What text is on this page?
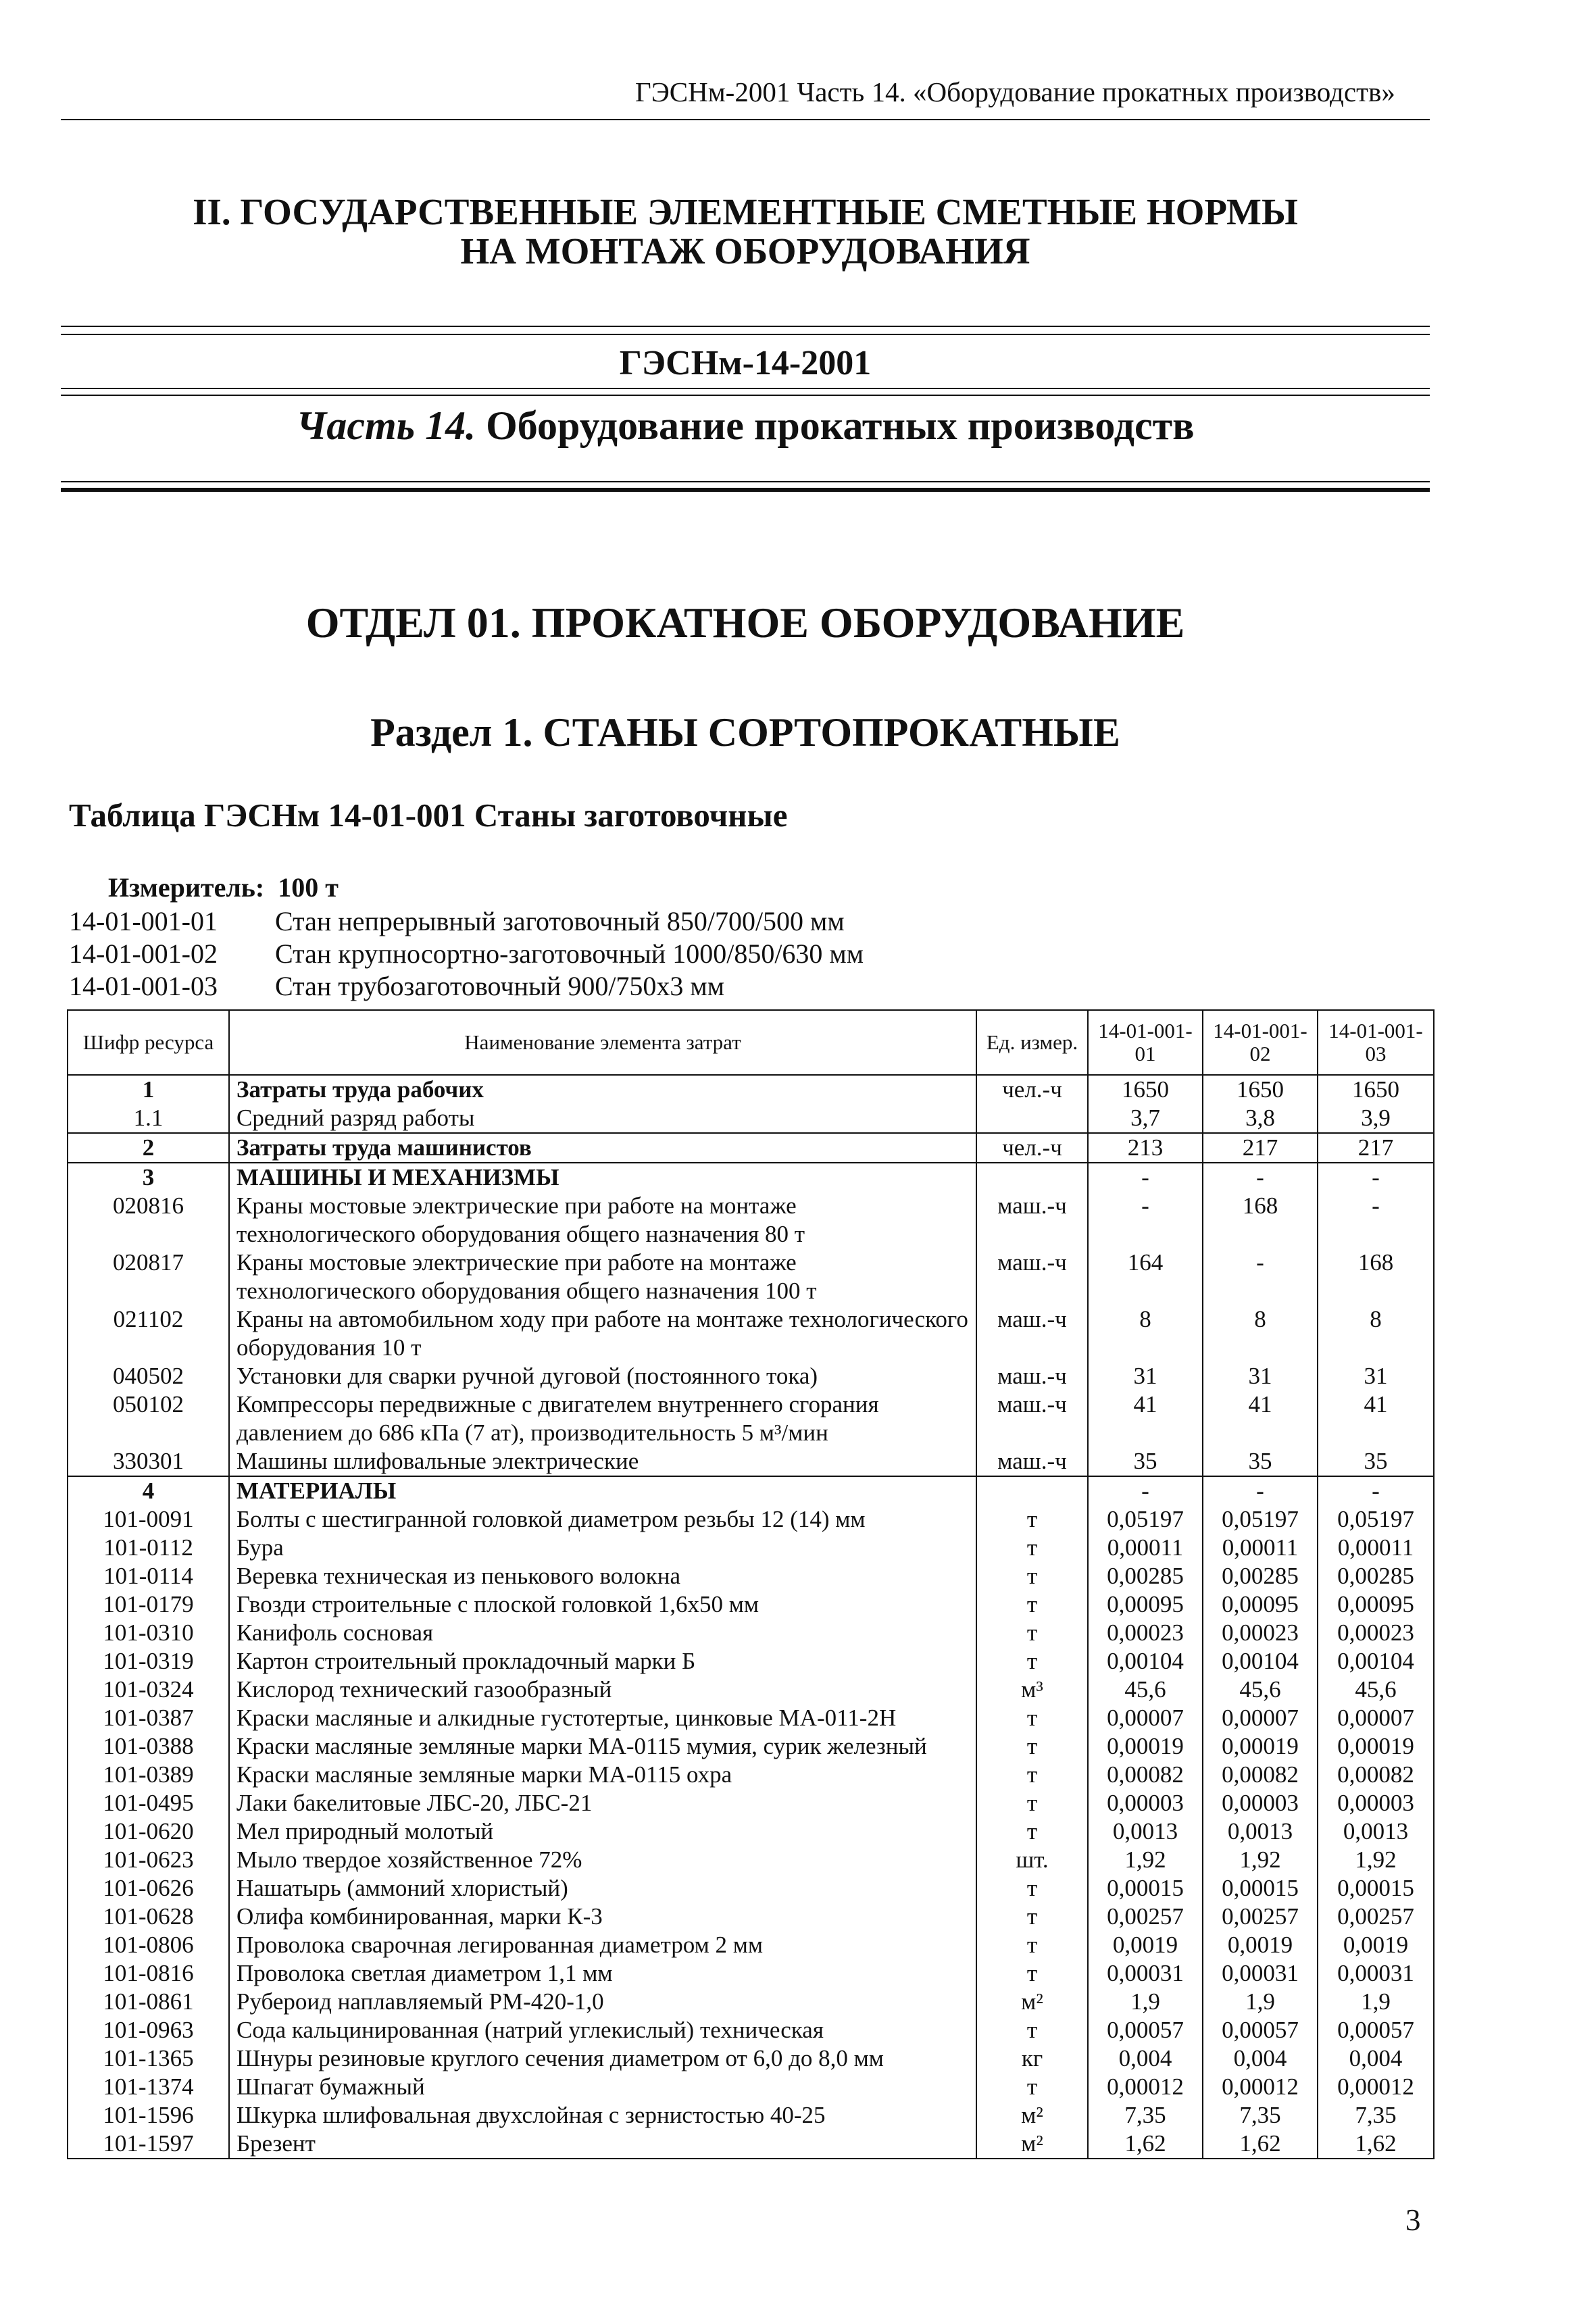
ГЭСНм-2001 Часть 14. «Оборудование прокатных производств»
II. ГОСУДАРСТВЕННЫЕ ЭЛЕМЕНТНЫЕ СМЕТНЫЕ НОРМЫ
НА МОНТАЖ ОБОРУДОВАНИЯ
ГЭСНм-14-2001
Часть 14. Оборудование прокатных производств
ОТДЕЛ 01. ПРОКАТНОЕ ОБОРУДОВАНИЕ
Раздел 1. СТАНЫ СОРТОПРОКАТНЫЕ
Таблица ГЭСНм 14-01-001 Станы заготовочные
Измеритель: 100 т
14-01-001-01 Стан непрерывный заготовочный 850/700/500 мм
14-01-001-02 Стан крупносортно-заготовочный 1000/850/630 мм
14-01-001-03 Стан трубозаготовочный 900/750x3 мм
Шифр ресурса	Наименование элемента затрат	Ед. измер.	14-01-001-01	14-01-001-02	14-01-001-03
1	Затраты труда рабочих	чел.-ч	1650	1650	1650
1.1	Средний разряд работы		3,7	3,8	3,9
2	Затраты труда машинистов	чел.-ч	213	217	217
3	МАШИНЫ И МЕХАНИЗМЫ		-	-	-
020816	Краны мостовые электрические при работе на монтаже технологического оборудования общего назначения 80 т	маш.-ч	-	168	-
020817	Краны мостовые электрические при работе на монтаже технологического оборудования общего назначения 100 т	маш.-ч	164	-	168
021102	Краны на автомобильном ходу при работе на монтаже технологического оборудования 10 т	маш.-ч	8	8	8
040502	Установки для сварки ручной дуговой (постоянного тока)	маш.-ч	31	31	31
050102	Компрессоры передвижные с двигателем внутреннего сгорания давлением до 686 кПа (7 ат), производительность 5 м³/мин	маш.-ч	41	41	41
330301	Машины шлифовальные электрические	маш.-ч	35	35	35
4	МАТЕРИАЛЫ		-	-	-
101-0091	Болты с шестигранной головкой диаметром резьбы 12 (14) мм	т	0,05197	0,05197	0,05197
101-0112	Бура	т	0,00011	0,00011	0,00011
101-0114	Веревка техническая из пенькового волокна	т	0,00285	0,00285	0,00285
101-0179	Гвозди строительные с плоской головкой 1,6x50 мм	т	0,00095	0,00095	0,00095
101-0310	Канифоль сосновая	т	0,00023	0,00023	0,00023
101-0319	Картон строительный прокладочный марки Б	т	0,00104	0,00104	0,00104
101-0324	Кислород технический газообразный	м³	45,6	45,6	45,6
101-0387	Краски масляные и алкидные густотертые, цинковые МА-011-2Н	т	0,00007	0,00007	0,00007
101-0388	Краски масляные земляные марки МА-0115 мумия, сурик железный	т	0,00019	0,00019	0,00019
101-0389	Краски масляные земляные марки МА-0115 охра	т	0,00082	0,00082	0,00082
101-0495	Лаки бакелитовые ЛБС-20, ЛБС-21	т	0,00003	0,00003	0,00003
101-0620	Мел природный молотый	т	0,0013	0,0013	0,0013
101-0623	Мыло твердое хозяйственное 72%	шт.	1,92	1,92	1,92
101-0626	Нашатырь (аммоний хлористый)	т	0,00015	0,00015	0,00015
101-0628	Олифа комбинированная, марки К-3	т	0,00257	0,00257	0,00257
101-0806	Проволока сварочная легированная диаметром 2 мм	т	0,0019	0,0019	0,0019
101-0816	Проволока светлая диаметром 1,1 мм	т	0,00031	0,00031	0,00031
101-0861	Рубероид наплавляемый РМ-420-1,0	м²	1,9	1,9	1,9
101-0963	Сода кальцинированная (натрий углекислый) техническая	т	0,00057	0,00057	0,00057
101-1365	Шнуры резиновые круглого сечения диаметром от 6,0 до 8,0 мм	кг	0,004	0,004	0,004
101-1374	Шпагат бумажный	т	0,00012	0,00012	0,00012
101-1596	Шкурка шлифовальная двухслойная с зернистостью 40-25	м²	7,35	7,35	7,35
101-1597	Брезент	м²	1,62	1,62	1,62
3
